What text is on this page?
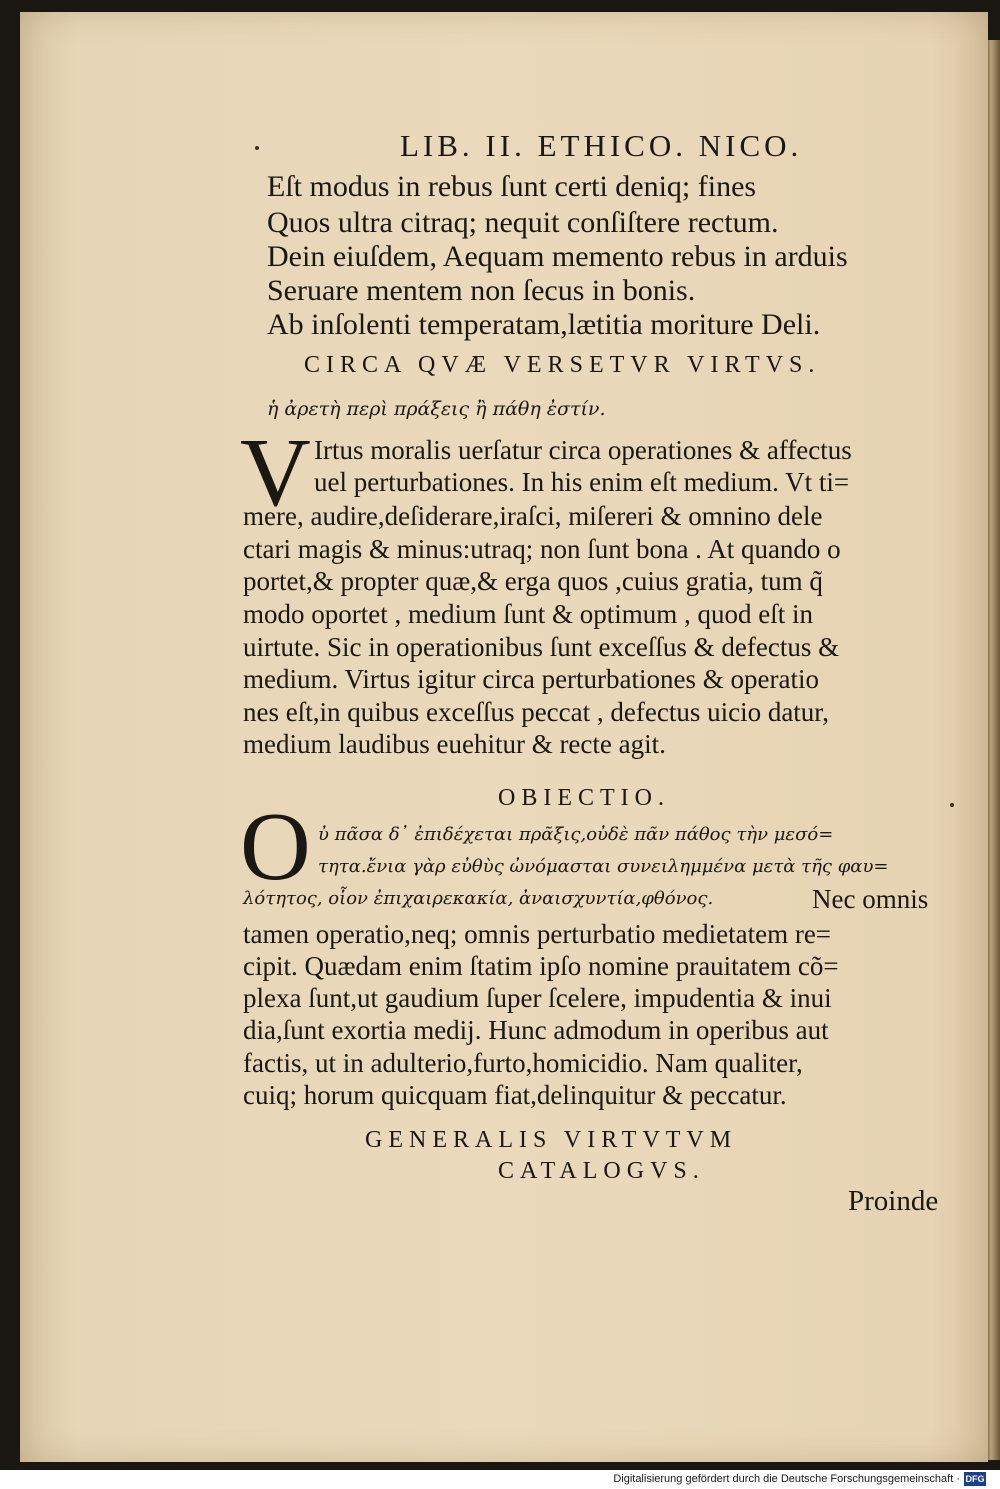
LIB. II. ETHICO. NICO.
Eſt modus in rebus ſunt certi deniq; fines
Quos ultra citraq; nequit conſiſtere rectum.
Dein eiuſdem, Aequam memento rebus in arduis
Seruare mentem non ſecus in bonis.
Ab inſolenti temperatam,lætitia moriture Deli.
CIRCA QVÆ VERSETVR VIRTVS.
ἡ ἀρετὴ περὶ πράξεις ἢ πάθη ἐστίν.
V Irtus moralis uerſatur circa operationes & affectus
uel perturbationes. In his enim eſt medium. Vt ti=
mere, audire,deſiderare,iraſci, miſereri & omnino dele
ctari magis & minus:utraq; non ſunt bona . At quando o
portet,& propter quæ,& erga quos ,cuius gratia, tum q̃
modo oportet , medium ſunt & optimum , quod eſt in
uirtute. Sic in operationibus ſunt exceſſus & defectus &
medium. Virtus igitur circa perturbationes & operatio
nes eſt,in quibus exceſſus peccat , defectus uicio datur,
medium laudibus euehitur & recte agit.
OBIECTIO.
O ὐ πᾶσα δ᾽ ἐπιδέχεται πρᾶξις,οὐδὲ πᾶν πάθος τὴν μεσό=
τητα.ἔνια γὰρ εὐθὺς ὠνόμασται συνειλημμένα μετὰ τῆς φαυ=
λότητος, οἷον ἐπιχαιρεκακία, ἀναισχυντία,φθόνος.	Nec omnis
tamen operatio,neq; omnis perturbatio medietatem re=
cipit. Quædam enim ſtatim ipſo nomine prauitatem cõ=
plexa ſunt,ut gaudium ſuper ſcelere, impudentia & inui
dia,ſunt exortia medij. Hunc admodum in operibus aut
factis, ut in adulterio,furto,homicidio. Nam qualiter,
cuiq; horum quicquam fiat,delinquitur & peccatur.
GENERALIS VIRTVTVM
CATALOGVS.
Proinde
Digitalisierung gefördert durch die Deutsche Forschungsgemeinschaft · DFG
